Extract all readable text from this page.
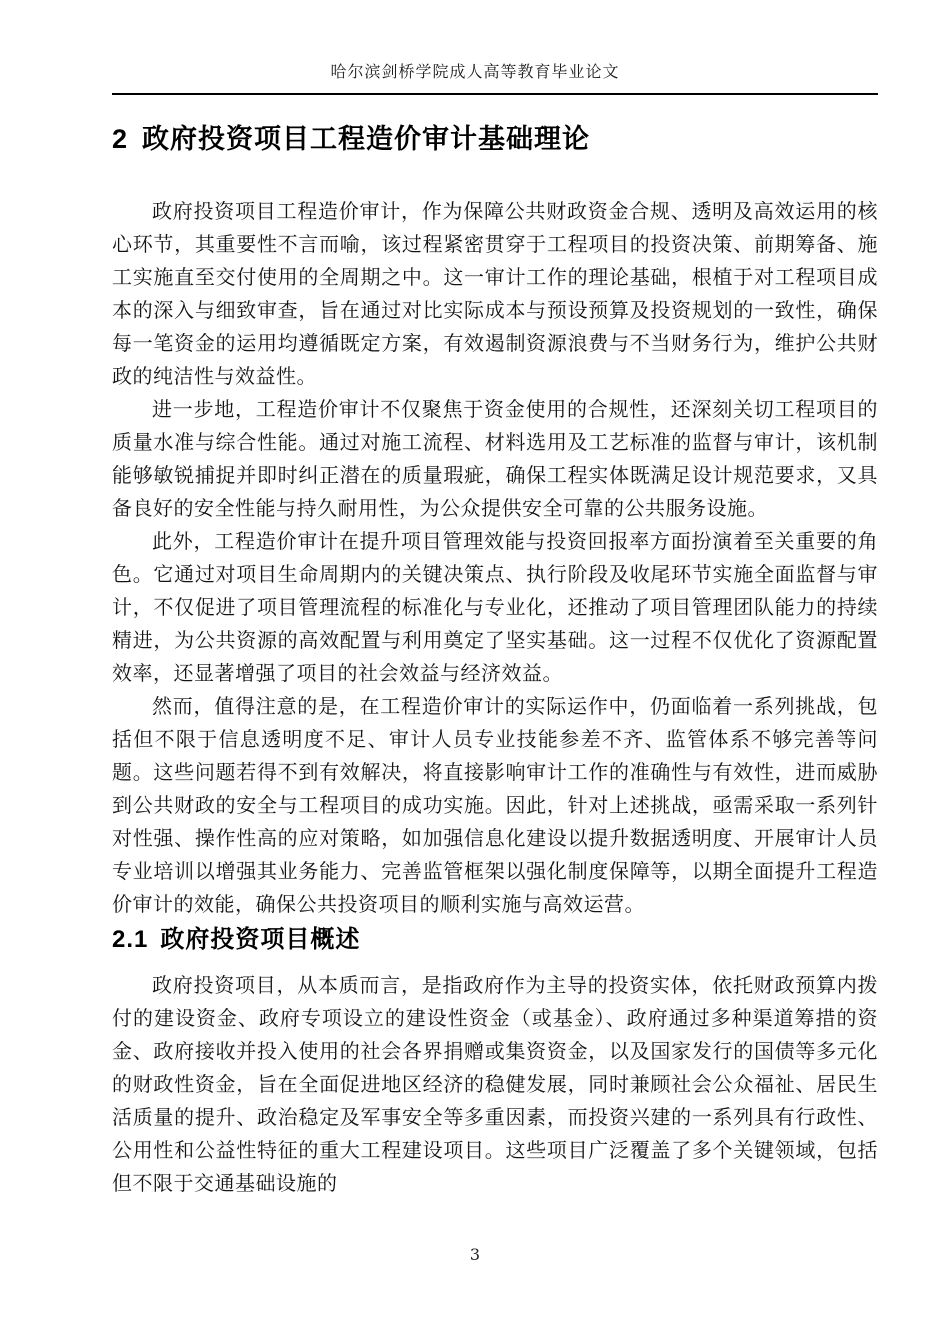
哈尔滨剑桥学院成人高等教育毕业论文
2 政府投资项目工程造价审计基础理论

政府投资项目工程造价审计，作为保障公共财政资金合规、透明及高效运用的核心环节，其重要性不言而喻，该过程紧密贯穿于工程项目的投资决策、前期筹备、施工实施直至交付使用的全周期之中。这一审计工作的理论基础，根植于对工程项目成本的深入与细致审查，旨在通过对比实际成本与预设预算及投资规划的一致性，确保每一笔资金的运用均遵循既定方案，有效遏制资源浪费与不当财务行为，维护公共财政的纯洁性与效益性。

进一步地，工程造价审计不仅聚焦于资金使用的合规性，还深刻关切工程项目的质量水准与综合性能。通过对施工流程、材料选用及工艺标准的监督与审计，该机制能够敏锐捕捉并即时纠正潜在的质量瑕疵，确保工程实体既满足设计规范要求，又具备良好的安全性能与持久耐用性，为公众提供安全可靠的公共服务设施。

此外，工程造价审计在提升项目管理效能与投资回报率方面扮演着至关重要的角色。它通过对项目生命周期内的关键决策点、执行阶段及收尾环节实施全面监督与审计，不仅促进了项目管理流程的标准化与专业化，还推动了项目管理团队能力的持续精进，为公共资源的高效配置与利用奠定了坚实基础。这一过程不仅优化了资源配置效率，还显著增强了项目的社会效益与经济效益。

然而，值得注意的是，在工程造价审计的实际运作中，仍面临着一系列挑战，包括但不限于信息透明度不足、审计人员专业技能参差不齐、监管体系不够完善等问题。这些问题若得不到有效解决，将直接影响审计工作的准确性与有效性，进而威胁到公共财政的安全与工程项目的成功实施。因此，针对上述挑战，亟需采取一系列针对性强、操作性高的应对策略，如加强信息化建设以提升数据透明度、开展审计人员专业培训以增强其业务能力、完善监管框架以强化制度保障等，以期全面提升工程造价审计的效能，确保公共投资项目的顺利实施与高效运营。

2.1 政府投资项目概述

政府投资项目，从本质而言，是指政府作为主导的投资实体，依托财政预算内拨付的建设资金、政府专项设立的建设性资金（或基金）、政府通过多种渠道筹措的资金、政府接收并投入使用的社会各界捐赠或集资资金，以及国家发行的国债等多元化的财政性资金，旨在全面促进地区经济的稳健发展，同时兼顾社会公众福祉、居民生活质量的提升、政治稳定及军事安全等多重因素，而投资兴建的一系列具有行政性、公用性和公益性特征的重大工程建设项目。这些项目广泛覆盖了多个关键领域，包括但不限于交通基础设施的

3
